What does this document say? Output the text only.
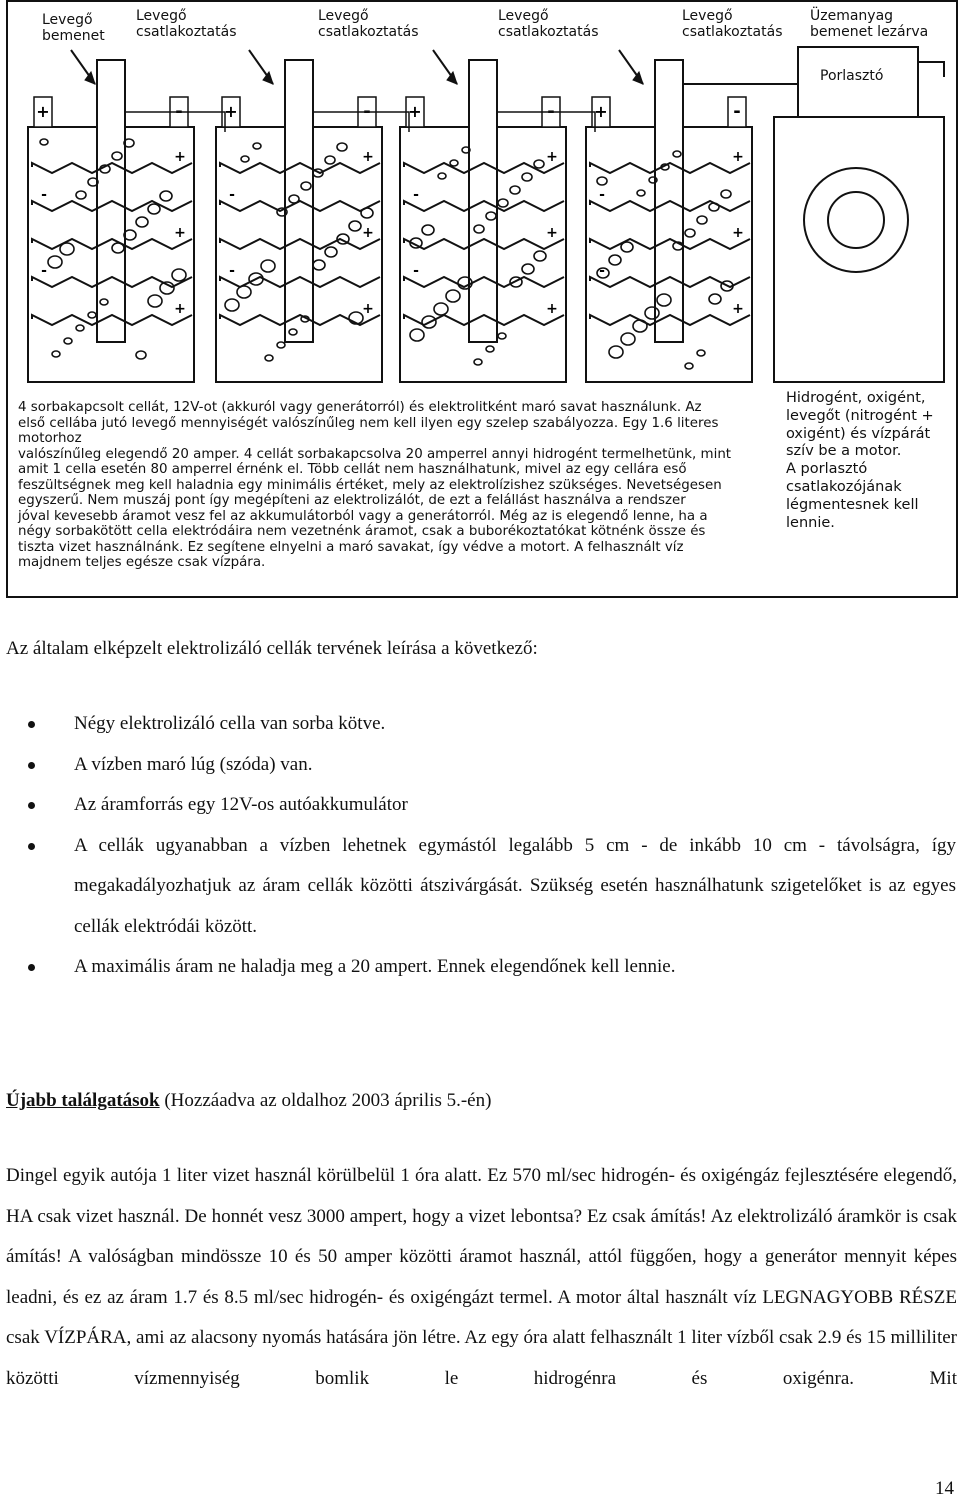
+	-
+
-
+
-
+
+	-
+
-
+
-
+
+	-
+
-
+
-
+
+	-
+
-
+
-
+
Levegő
bemenet
Levegő
csatlakoztatás
Levegő
csatlakoztatás
Levegő
csatlakoztatás
Levegő
csatlakoztatás
Üzemanyag
bemenet lezárva
Porlasztó
4 sorbakapcsolt cellát, 12V-ot (akkuról vagy generátorról) és elektrolitként maró savat használunk. Az
első cellába jutó levegő mennyiségét valószínűleg nem kell ilyen egy szelep szabályozza. Egy 1.6 literes motorhoz
valószínűleg elegendő 20 amper. 4 cellát sorbakapcsolva 20 amperrel annyi hidrogént termelhetünk, mint
amit 1 cella esetén 80 amperrel érnénk el. Több cellát nem használhatunk, mivel az egy cellára eső
feszültségnek meg kell haladnia egy minimális értéket, mely az elektrolízishez szükséges. Nevetségesen
egyszerű. Nem muszáj pont így megépíteni az elektrolizálót, de ezt a felállást használva a rendszer
jóval kevesebb áramot vesz fel az akkumulátorból vagy a generátorról. Még az is elegendő lenne, ha a
négy sorbakötött cella elektródáira nem vezetnénk áramot, csak a buborékoztatókat kötnénk össze és
tiszta vizet használnánk. Ez segítene elnyelni a maró savakat, így védve a motort. A felhasznált víz
majdnem teljes egésze csak vízpára.
Hidrogént, oxigént,
levegőt (nitrogént +
oxigént) és vízpárát
szív be a motor.
A porlasztó
csatlakozójának
légmentesnek kell
lennie.
Az általam elképzelt elektrolizáló cellák tervének leírása a következő:
Négy elektrolizáló cella van sorba kötve.
A vízben maró lúg (szóda) van.
Az áramforrás egy 12V-os autóakkumulátor
A cellák ugyanabban a vízben lehetnek egymástól legalább 5 cm - de inkább 10 cm - távolságra, így megakadályozhatjuk az áram cellák közötti átszivárgását. Szükség esetén használhatunk szigetelőket is az egyes cellák elektródái között.
A maximális áram ne haladja meg a 20 ampert. Ennek elegendőnek kell lennie.
Újabb találgatások (Hozzáadva az oldalhoz 2003 április 5.-én)
Dingel egyik autója 1 liter vizet használ körülbelül 1 óra alatt. Ez 570 ml/sec hidrogén- és oxigéngáz fejlesztésére elegendő, HA csak vizet használ. De honnét vesz 3000 ampert, hogy a vizet lebontsa? Ez csak ámítás! Az elektrolizáló áramkör is csak ámítás! A valóságban mindössze 10 és 50 amper közötti áramot használ, attól függően, hogy a generátor mennyit képes leadni, és ez az áram 1.7 és 8.5 ml/sec hidrogén- és oxigéngázt termel. A motor által használt víz LEGNAGYOBB RÉSZE csak VÍZPÁRA, ami az alacsony nyomás hatására jön létre. Az egy óra alatt felhasznált 1 liter vízből csak 2.9 és 15 milliliter közötti vízmennyiség bomlik le hidrogénra és oxigénra. Mit
14
